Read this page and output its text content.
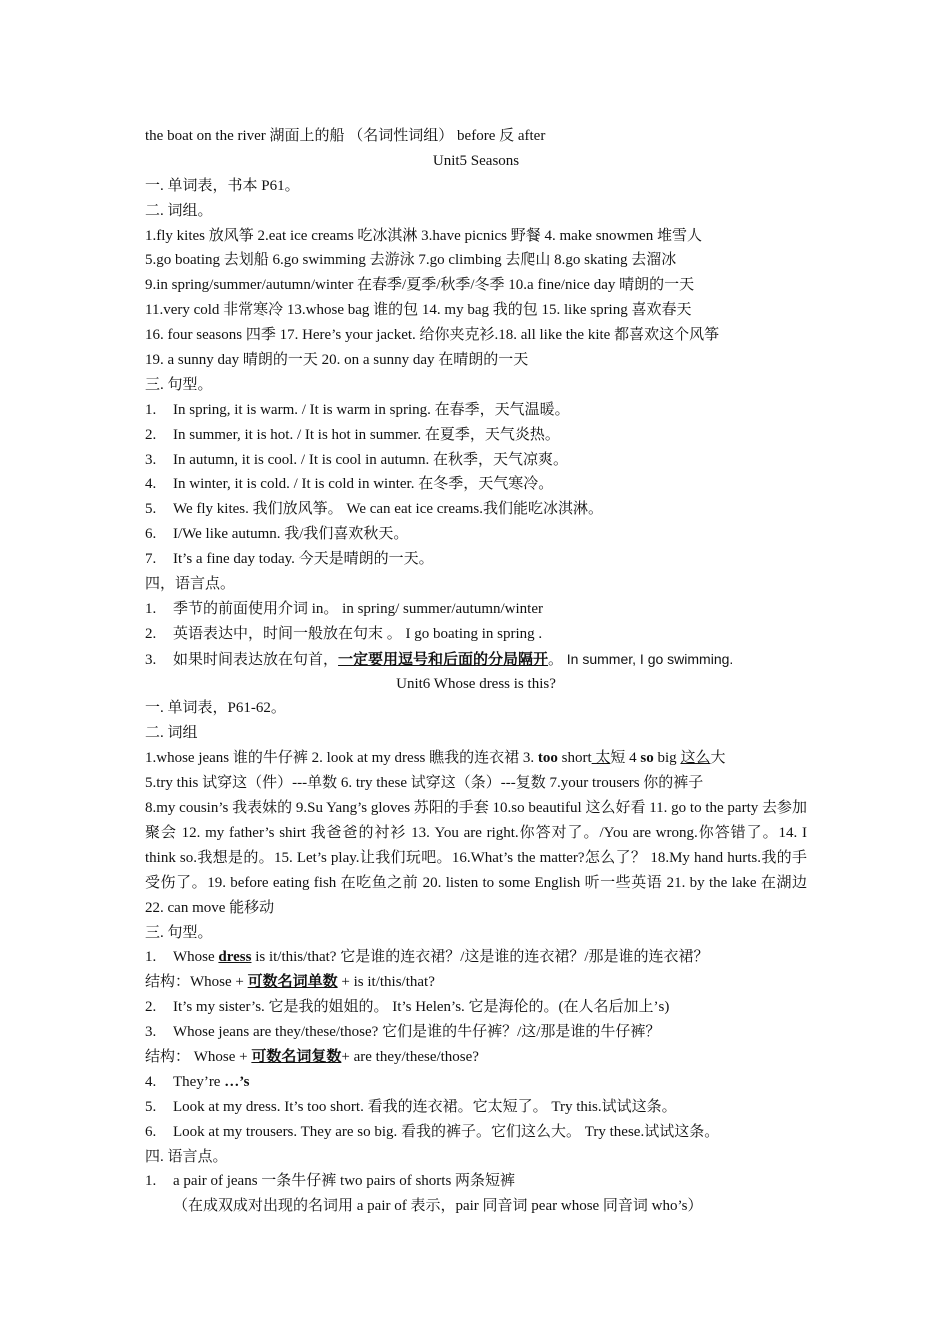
the boat on the river 湖面上的船 （名词性词组） before 反 after
Unit5 Seasons
一. 单词表，书本 P61。
二. 词组。
1.fly kites 放风筝 2.eat ice creams 吃冰淇淋 3.have picnics 野餐 4. make snowmen 堆雪人
5.go boating 去划船 6.go swimming 去游泳 7.go climbing 去爬山 8.go skating 去溜冰
9.in spring/summer/autumn/winter 在春季/夏季/秋季/冬季 10.a fine/nice day 晴朗的一天
11.very cold 非常寒冷 13.whose bag 谁的包 14. my bag 我的包 15. like spring 喜欢春天
16. four seasons 四季 17. Here’s your jacket. 给你夹克衫.18. all like the kite 都喜欢这个风筝
19. a sunny day 晴朗的一天 20. on a sunny day 在晴朗的一天
三. 句型。
1. In spring, it is warm. / It is warm in spring. 在春季，天气温暖。
2. In summer, it is hot. / It is hot in summer. 在夏季，天气炎热。
3. In autumn, it is cool. / It is cool in autumn. 在秋季，天气凉爽。
4. In winter, it is cold. / It is cold in winter. 在冬季，天气寒冷。
5. We fly kites. 我们放风筝。 We can eat ice creams.我们能吃冰淇淋。
6. I/We like autumn. 我/我们喜欢秋天。
7. It’s a fine day today. 今天是晴朗的一天。
四，语言点。
1. 季节的前面使用介词 in。 in spring/ summer/autumn/winter
2. 英语表达中，时间一般放在句末 。 I go boating in spring .
3. 如果时间表达放在句首，一定要用逗号和后面的分局隔开。 In summer, I go swimming.
Unit6 Whose dress is this?
一. 单词表，P61-62。
二. 词组
1.whose jeans 谁的牛仔裤 2. look at my dress 瞧我的连衣裙 3. too short 太短 4 so big 这么大
5.try this 试穿这（件）---单数 6. try these 试穿这（条）---复数 7.your trousers 你的裤子
8.my cousin’s 我表妹的 9.Su Yang’s gloves 苏阳的手套 10.so beautiful 这么好看 11. go to the party 去参加聚会 12. my father’s shirt 我爸爸的衬衫 13. You are right.你答对了。/You are wrong.你答错了。14. I think so.我想是的。15. Let’s play.让我们玩吧。16.What’s the matter?怎么了？ 18.My hand hurts.我的手受伤了。19. before eating fish 在吃鱼之前 20. listen to some English 听一些英语 21. by the lake 在湖边 22. can move 能移动
三. 句型。
1. Whose dress is it/this/that? 它是谁的连衣裙？/这是谁的连衣裙？/那是谁的连衣裙？
结构：Whose + 可数名词单数 + is it/this/that?
2. It’s my sister’s. 它是我的姐姐的。 It’s Helen’s. 它是海伦的。(在人名后加上’s)
3. Whose jeans are they/these/those? 它们是谁的牛仔裤？/这/那是谁的牛仔裤？
结构： Whose + 可数名词复数+ are they/these/those?
4. They’re …’s
5. Look at my dress. It’s too short. 看我的连衣裙。它太短了。 Try this.试试这条。
6. Look at my trousers. They are so big. 看我的裤子。它们这么大。 Try these.试试这条。
四. 语言点。
1. a pair of jeans 一条牛仔裤 two pairs of shorts 两条短裤
（在成双成对出现的名词用 a pair of 表示，pair 同音词 pear whose 同音词 who’s）
